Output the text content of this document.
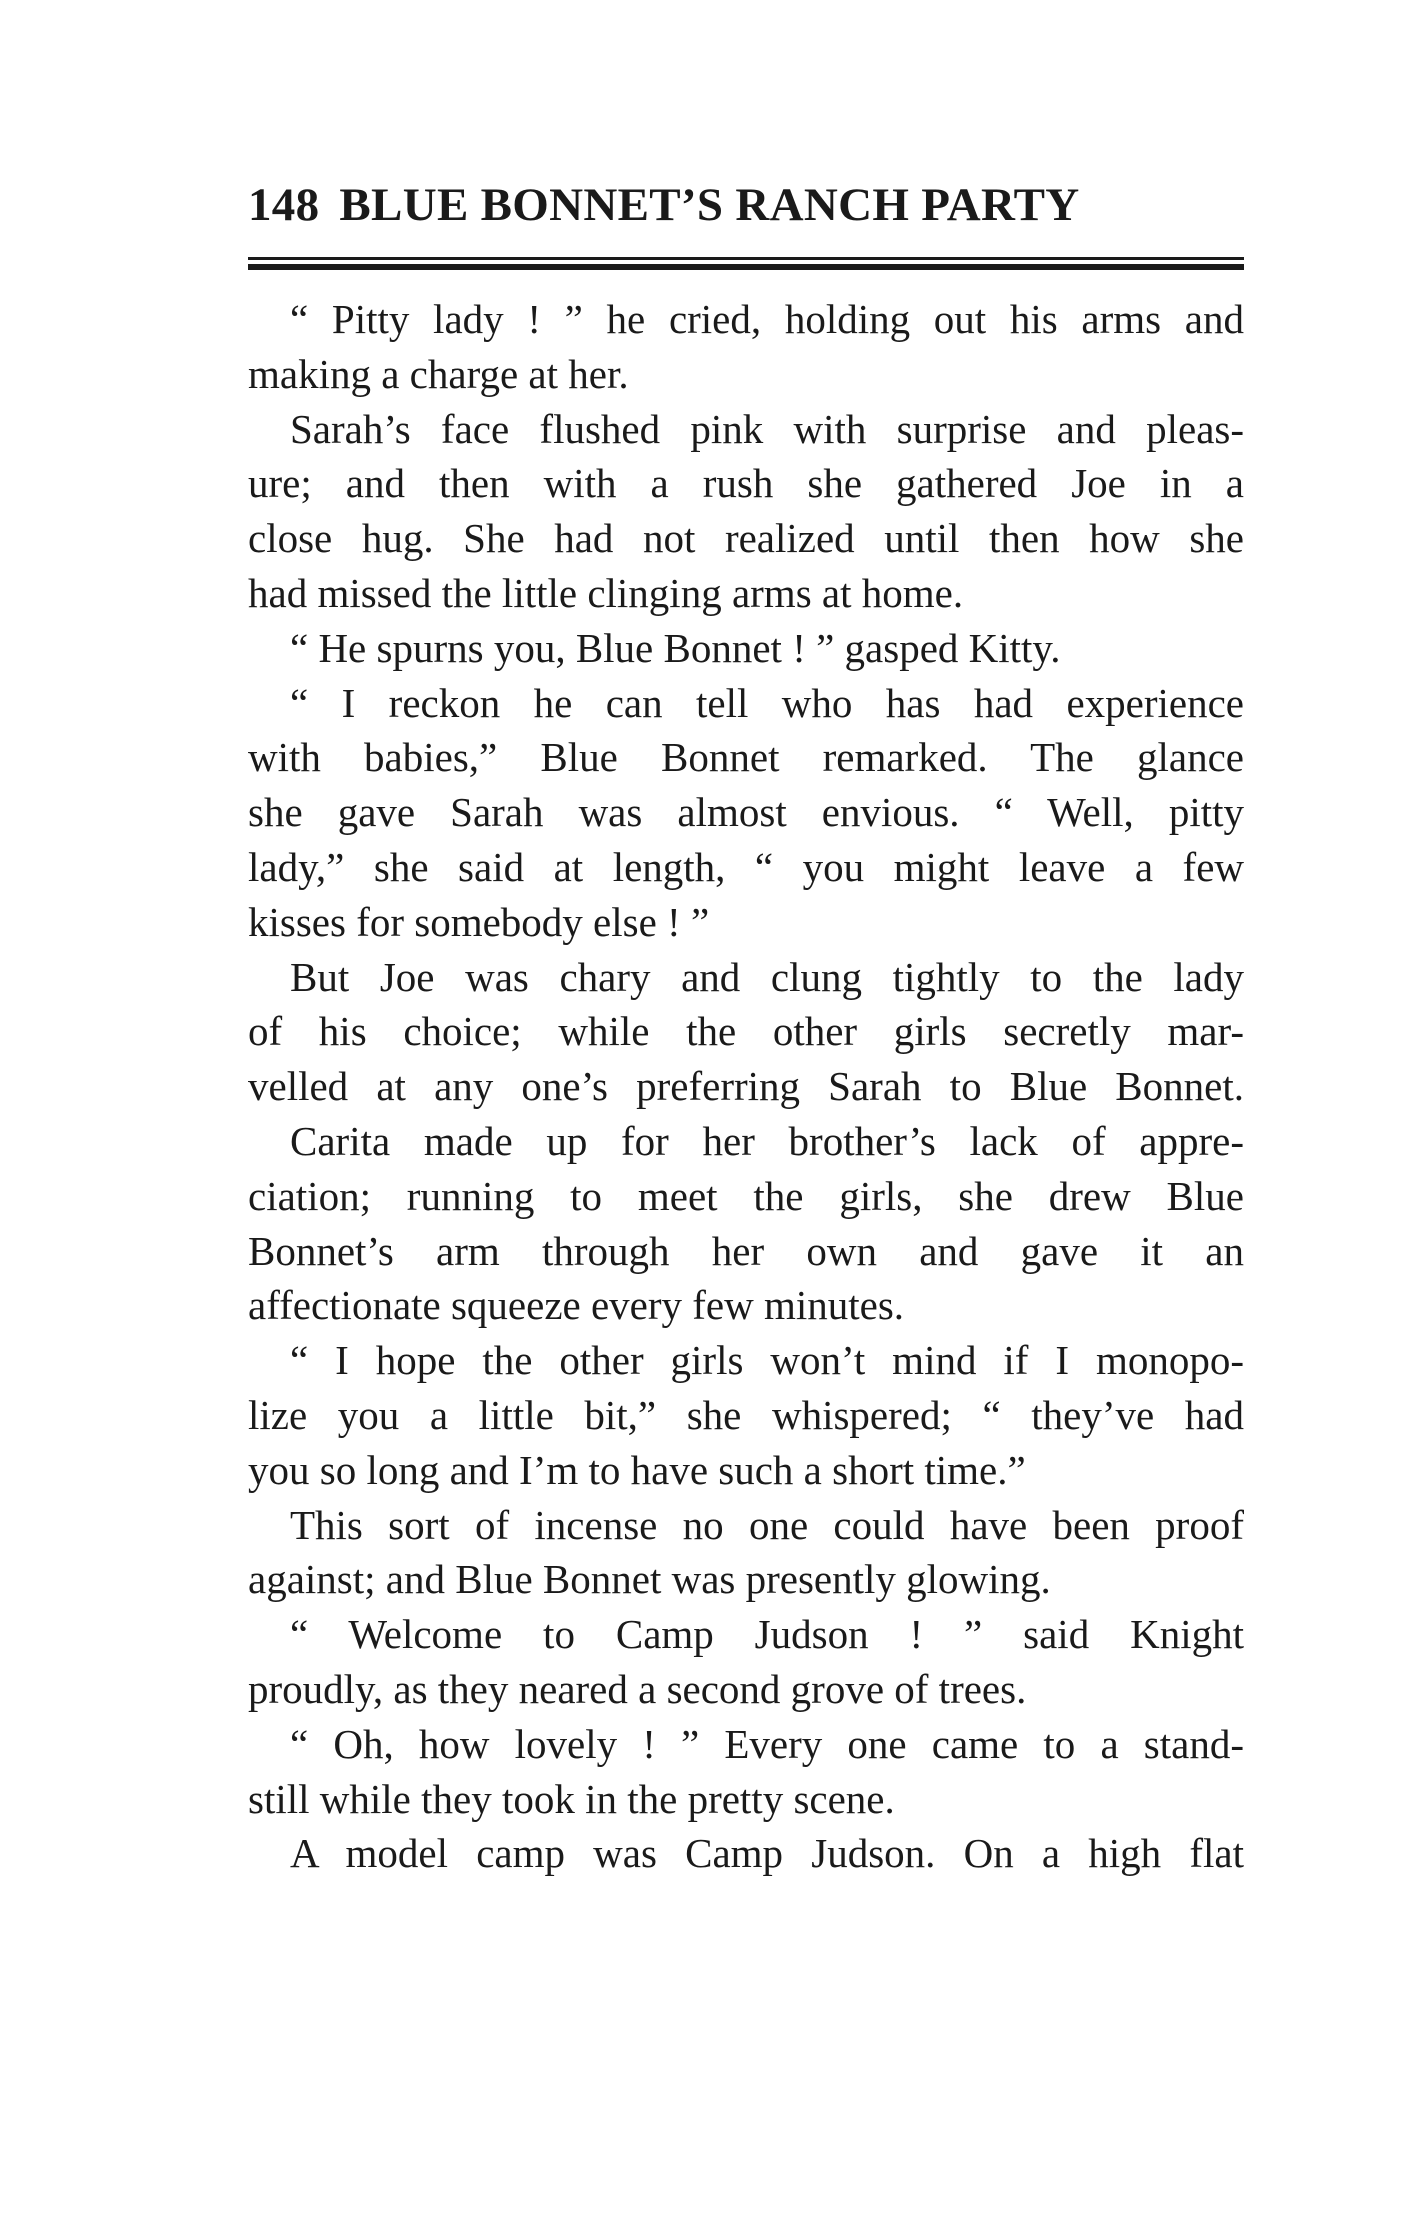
148 BLUE BONNET’S RANCH PARTY
“ Pitty lady ! ” he cried, holding out his arms and
making a charge at her.
Sarah’s face flushed pink with surprise and pleas-
ure; and then with a rush she gathered Joe in a
close hug. She had not realized until then how she
had missed the little clinging arms at home.
“ He spurns you, Blue Bonnet ! ” gasped Kitty.
“ I reckon he can tell who has had experience
with babies,” Blue Bonnet remarked. The glance
she gave Sarah was almost envious. “ Well, pitty
lady,” she said at length, “ you might leave a few
kisses for somebody else ! ”
But Joe was chary and clung tightly to the lady
of his choice; while the other girls secretly mar-
velled at any one’s preferring Sarah to Blue Bonnet.
Carita made up for her brother’s lack of appre-
ciation; running to meet the girls, she drew Blue
Bonnet’s arm through her own and gave it an
affectionate squeeze every few minutes.
“ I hope the other girls won’t mind if I monopo-
lize you a little bit,” she whispered; “ they’ve had
you so long and I’m to have such a short time.”
This sort of incense no one could have been proof
against; and Blue Bonnet was presently glowing.
“ Welcome to Camp Judson ! ” said Knight
proudly, as they neared a second grove of trees.
“ Oh, how lovely ! ” Every one came to a stand-
still while they took in the pretty scene.
A model camp was Camp Judson. On a high flat
